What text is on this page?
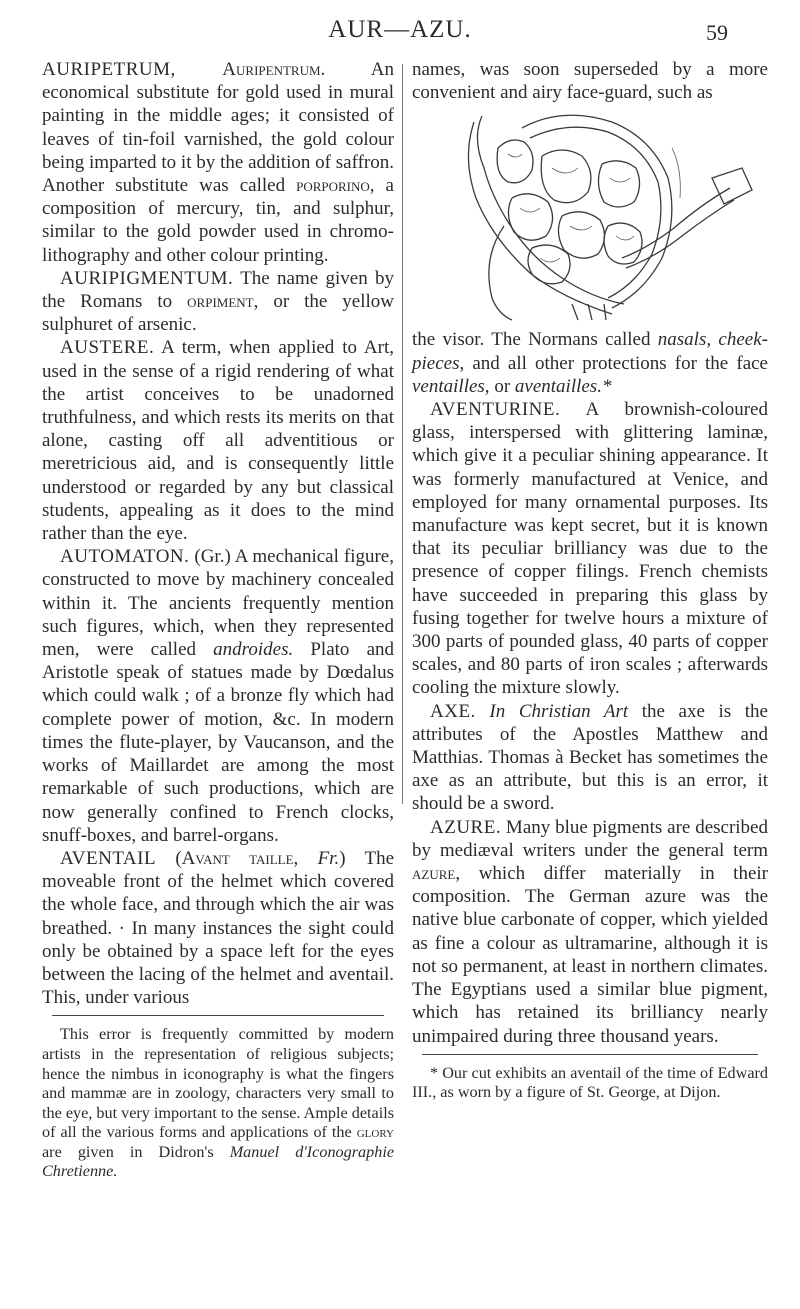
AUR—AZU.	59

AURIPETRUM, Auripentrum. An economical substitute for gold used in mural painting in the middle ages; it consisted of leaves of tin-foil varnished, the gold colour being imparted to it by the addition of saffron. Another substitute was called porporino, a composition of mercury, tin, and sulphur, similar to the gold powder used in chromo-lithography and other colour printing.

AURIPIGMENTUM. The name given by the Romans to orpiment, or the yellow sulphuret of arsenic.

AUSTERE. A term, when applied to Art, used in the sense of a rigid rendering of what the artist conceives to be unadorned truthfulness, and which rests its merits on that alone, casting off all adventitious or meretricious aid, and is consequently little understood or regarded by any but classical students, appealing as it does to the mind rather than the eye.

AUTOMATON. (Gr.) A mechanical figure, constructed to move by machinery concealed within it. The ancients frequently mention such figures, which, when they represented men, were called androides. Plato and Aristotle speak of statues made by Dœdalus which could walk ; of a bronze fly which had complete power of motion, &c. In modern times the flute-player, by Vaucanson, and the works of Maillardet are among the most remarkable of such productions, which are now generally confined to French clocks, snuff-boxes, and barrel-organs.

AVENTAIL (Avant taille, Fr.) The moveable front of the helmet which covered the whole face, and through which the air was breathed. · In many instances the sight could only be obtained by a space left for the eyes between the lacing of the helmet and aventail. This, under various

This error is frequently committed by modern artists in the representation of religious subjects; hence the nimbus in iconography is what the fingers and mammæ are in zoology, characters very small to the eye, but very important to the sense. Ample details of all the various forms and applications of the glory are given in Didron's Manuel d'Iconographie Chretienne.

names, was soon superseded by a more convenient and airy face-guard, such as

the visor. The Normans called nasals, cheek-pieces, and all other protections for the face ventailles, or aventailles.*

AVENTURINE. A brownish-coloured glass, interspersed with glittering laminæ, which give it a peculiar shining appearance. It was formerly manufactured at Venice, and employed for many ornamental purposes. Its manufacture was kept secret, but it is known that its peculiar brilliancy was due to the presence of copper filings. French chemists have succeeded in preparing this glass by fusing together for twelve hours a mixture of 300 parts of pounded glass, 40 parts of copper scales, and 80 parts of iron scales ; afterwards cooling the mixture slowly.

AXE. In Christian Art the axe is the attributes of the Apostles Matthew and Matthias. Thomas à Becket has sometimes the axe as an attribute, but this is an error, it should be a sword.

AZURE. Many blue pigments are described by mediæval writers under the general term azure, which differ materially in their composition. The German azure was the native blue carbonate of copper, which yielded as fine a colour as ultramarine, although it is not so permanent, at least in northern climates. The Egyptians used a similar blue pigment, which has retained its brilliancy nearly unimpaired during three thousand years.

* Our cut exhibits an aventail of the time of Edward III., as worn by a figure of St. George, at Dijon.
